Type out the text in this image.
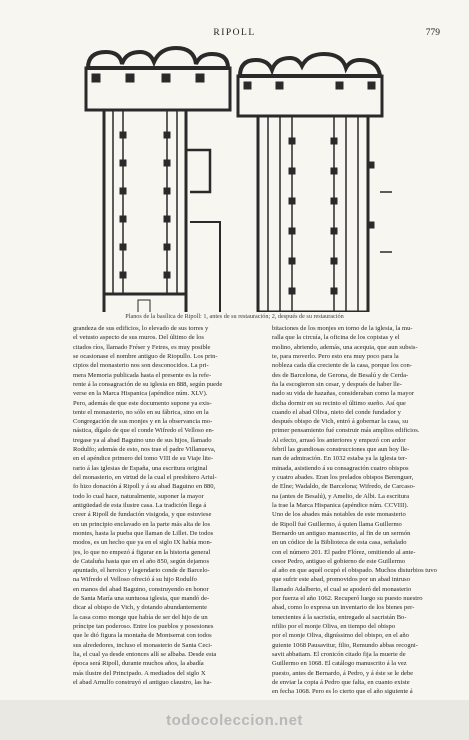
RIPOLL	779
Planos de la basílica de Ripoll: 1, antes de su restauración; 2, después de su restauración
grandeza de sus edificios, lo elevado de sus torres y
el vetusto aspecto de sus muros. Del último de los
citados ríos, llamado Fréser y Fetres, es muy posible
se ocasionase el nombre antiguo de Riopullo. Los prin-
cipios del monasterio nos son desconocidos. La pri-
mera Memoria publicada hasta el presente es la refe-
rente á la consagración de su iglesia en 888, según puede
verse en la Marca Hispanica (apéndice núm. XLV).
Pero, además de que este documento supone ya exis-
tente el monasterio, no sólo en su fábrica, sino en la
Congregación de sus monjes y en la observancia mo-
nástica, dígalo de que el conde Wifredo el Velloso en-
tregase ya al abad Baguino uno de sus hijos, llamado
Rodulfo; además de esto, nos trae el padre Villanueva,
en el apéndice primero del tomo VIII de su Viaje lite-
rario á las iglesias de España, una escritura original
del monasterio, en virtud de la cual el presbítero Ariul-
fo hizo donación á Ripoll y á su abad Baguino en 880,
todo lo cual hace, naturalmente, suponer la mayor
antigüedad de esta ilustre casa. La tradición llega á
creer á Ripoll de fundación visigoda, y que estuviese
en un principio enclavado en la parte más alta de los
montes, hasta la pueba que llaman de Lillet. De todos
modos, es un hecho que ya en el siglo IX había mon-
jes, lo que no empezó á figurar en la historia general
de Cataluña hasta que en el año 850, según dejamos
apuntado, el heroico y legendario conde de Barcelo-
na Wifredo el Velloso ofreció á su hijo Rodulfo
en manos del abad Baguino, construyendo en honor
de Santa María una suntuosa iglesia, que mandó de-
dicar al obispo de Vich, y dotando abundantemente
la casa como monge que había de ser del hijo de un
príncipe tan poderoso. Entre los pueblos y posesiones
que le dió figura la montaña de Montserrat con todos
sus alrededores, incluso el monasterio de Santa Ceci-
lia, el cual ya desde entonces allí se albaba. Desde esta
época será Ripoll, durante muchos años, la abadía
más ilustre del Principado. A mediados del siglo X
el abad Arnulfo construyó el antiguo claustro, las ha-
bitaciones de los monjes en torno de la iglesia, la mu-
ralla que la circuía, la oficina de los copistas y el
molino, abriendo, además, una acequia, que aun subsis-
te, para moverlo. Pero esto era muy poco para la
nobleza cada día creciente de la casa, porque los con-
des de Barcelona, de Gerona, de Besalú y de Cerda-
ña la escogieron sin cesar, y después de haber lle-
nado su vida de hazañas, consideraban como la mayor
dicha dormir en su recinto el último sueño. Así que
cuando el abad Oliva, nieto del conde fundador y
después obispo de Vich, entró á gobernar la casa, su
primer pensamiento fué construir más amplios edificios.
Al efecto, arrasó los anteriores y empezó con ardor
febril las grandiosas construcciones que aun hoy lle-
nan de admiración. En 1032 estaba ya la iglesia ter-
minada, asistiendo á su consagración cuatro obispos
y cuatro abades. Eran los prelados obispos Berenguer,
de Elne; Wadaldo, de Barcelona; Wifredo, de Carcaso-
na (antes de Besalú), y Amelio, de Albi. La escritura
la trae la Marca Hispanica (apéndice núm. CCVIII).
Uno de los abades más notables de este monasterio
de Ripoll fué Guillermo, á quien llama Guillermo
Bernardo un antiguo manuscrito, al fin de un sermón
en un códice de la Biblioteca de esta casa, señalado
con el número 201. El padre Flórez, omitiendo al ante-
cesor Pedro, antiguo el gobierno de este Guillermo
al año en que aquél ocupó el obispado. Muchos disturbios tuvo
que sufrir este abad, promovidos por un abad intruso
llamado Adalberto, el cual se apoderó del monasterio
por fuerza el año 1062. Recuperó luego su puesto nuestro
abad, como lo expresa un inventario de los bienes per-
tenecientes á la sacristía, entregado al sacristán Bo-
nfilio por el monje Oliva, en tiempo del obispo
por el monje Oliva, digníssimo del obispo, en el año
guiente 1068 Pausavitur, filio, Remundo abbas recogni-
savit abbatiam. El cronicón citado fija la muerte de
Guillermo en 1068. El catálogo manuscrito á la vez
puesto, antes de Bernardo, á Pedro, y á éste se le debe
de enviar la copia á Pedro que falta, en cuanto existe
en fecha 1068. Pero es lo cierto que el año siguiente á
todocoleccion.net
